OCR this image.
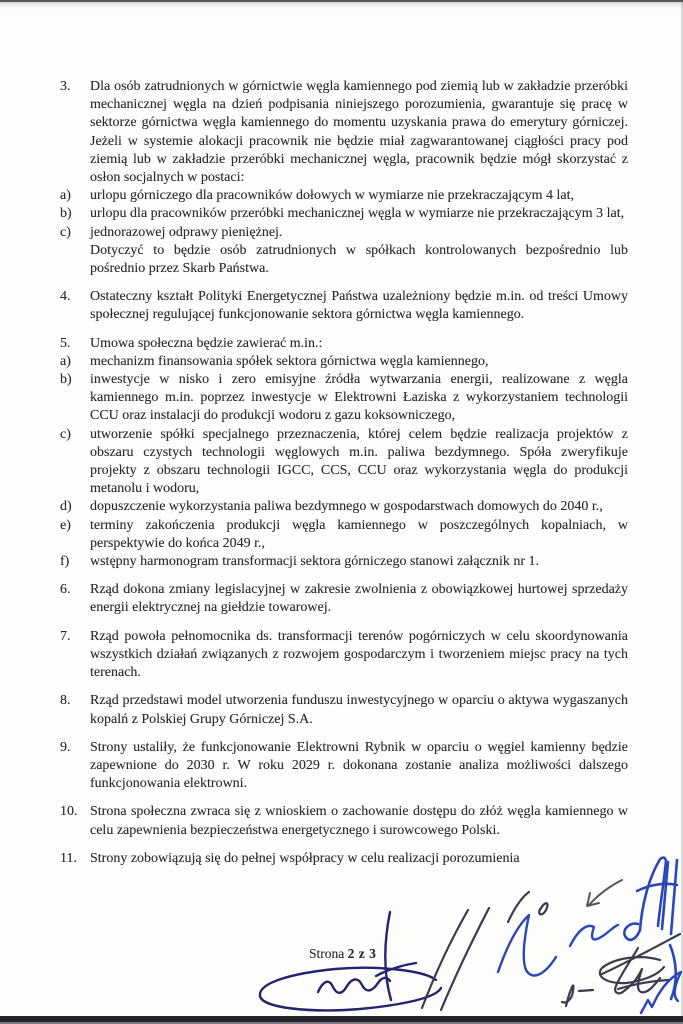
3.	Dla osób zatrudnionych w górnictwie węgla kamiennego pod ziemią lub w zakładzie przeróbki mechanicznej węgla na dzień podpisania niniejszego porozumienia, gwarantuje się pracę w sektorze górnictwa węgla kamiennego do momentu uzyskania prawa do emerytury górniczej. Jeżeli w systemie alokacji pracownik nie będzie miał zagwarantowanej ciągłości pracy pod ziemią lub w zakładzie przeróbki mechanicznej węgla, pracownik będzie mógł skorzystać z osłon socjalnych w postaci:
a)	urlopu górniczego dla pracowników dołowych w wymiarze nie przekraczającym 4 lat,
b)	urlopu dla pracowników przeróbki mechanicznej węgla w wymiarze nie przekraczającym 3 lat,
c)	jednorazowej odprawy pieniężnej.
Dotyczyć to będzie osób zatrudnionych w spółkach kontrolowanych bezpośrednio lub pośrednio przez Skarb Państwa.
4.	Ostateczny kształt Polityki Energetycznej Państwa uzależniony będzie m.in. od treści Umowy społecznej regulującej funkcjonowanie sektora górnictwa węgla kamiennego.
5.	Umowa społeczna będzie zawierać m.in.:
a)	mechanizm finansowania spółek sektora górnictwa węgla kamiennego,
b)	inwestycje w nisko i zero emisyjne źródła wytwarzania energii, realizowane z węgla kamiennego m.in. poprzez inwestycje w Elektrowni Łaziska z wykorzystaniem technologii CCU oraz instalacji do produkcji wodoru z gazu koksowniczego,
c)	utworzenie spółki specjalnego przeznaczenia, której celem będzie realizacja projektów z obszaru czystych technologii węglowych m.in. paliwa bezdymnego. Spóła zweryfikuje projekty z obszaru technologii IGCC, CCS, CCU oraz wykorzystania węgla do produkcji metanolu i wodoru,
d)	dopuszczenie wykorzystania paliwa bezdymnego w gospodarstwach domowych do 2040 r.,
e)	terminy zakończenia produkcji węgla kamiennego w poszczególnych kopalniach, w perspektywie do końca 2049 r.,
f)	wstępny harmonogram transformacji sektora górniczego stanowi załącznik nr 1.
6.	Rząd dokona zmiany legislacyjnej w zakresie zwolnienia z obowiązkowej hurtowej sprzedaży energii elektrycznej na giełdzie towarowej.
7.	Rząd powoła pełnomocnika ds. transformacji terenów pogórniczych w celu skoordynowania wszystkich działań związanych z rozwojem gospodarczym i tworzeniem miejsc pracy na tych terenach.
8.	Rząd przedstawi model utworzenia funduszu inwestycyjnego w oparciu o aktywa wygaszanych kopalń z Polskiej Grupy Górniczej S.A.
9.	Strony ustaliły, że funkcjonowanie Elektrowni Rybnik w oparciu o węgiel kamienny będzie zapewnione do 2030 r. W roku 2029 r. dokonana zostanie analiza możliwości dalszego funkcjonowania elektrowni.
10. Strona społeczna zwraca się z wnioskiem o zachowanie dostępu do złóż węgla kamiennego w celu zapewnienia bezpieczeństwa energetycznego i surowcowego Polski.
11. Strony zobowiązują się do pełnej współpracy w celu realizacji porozumienia
Strona 2 z 3
